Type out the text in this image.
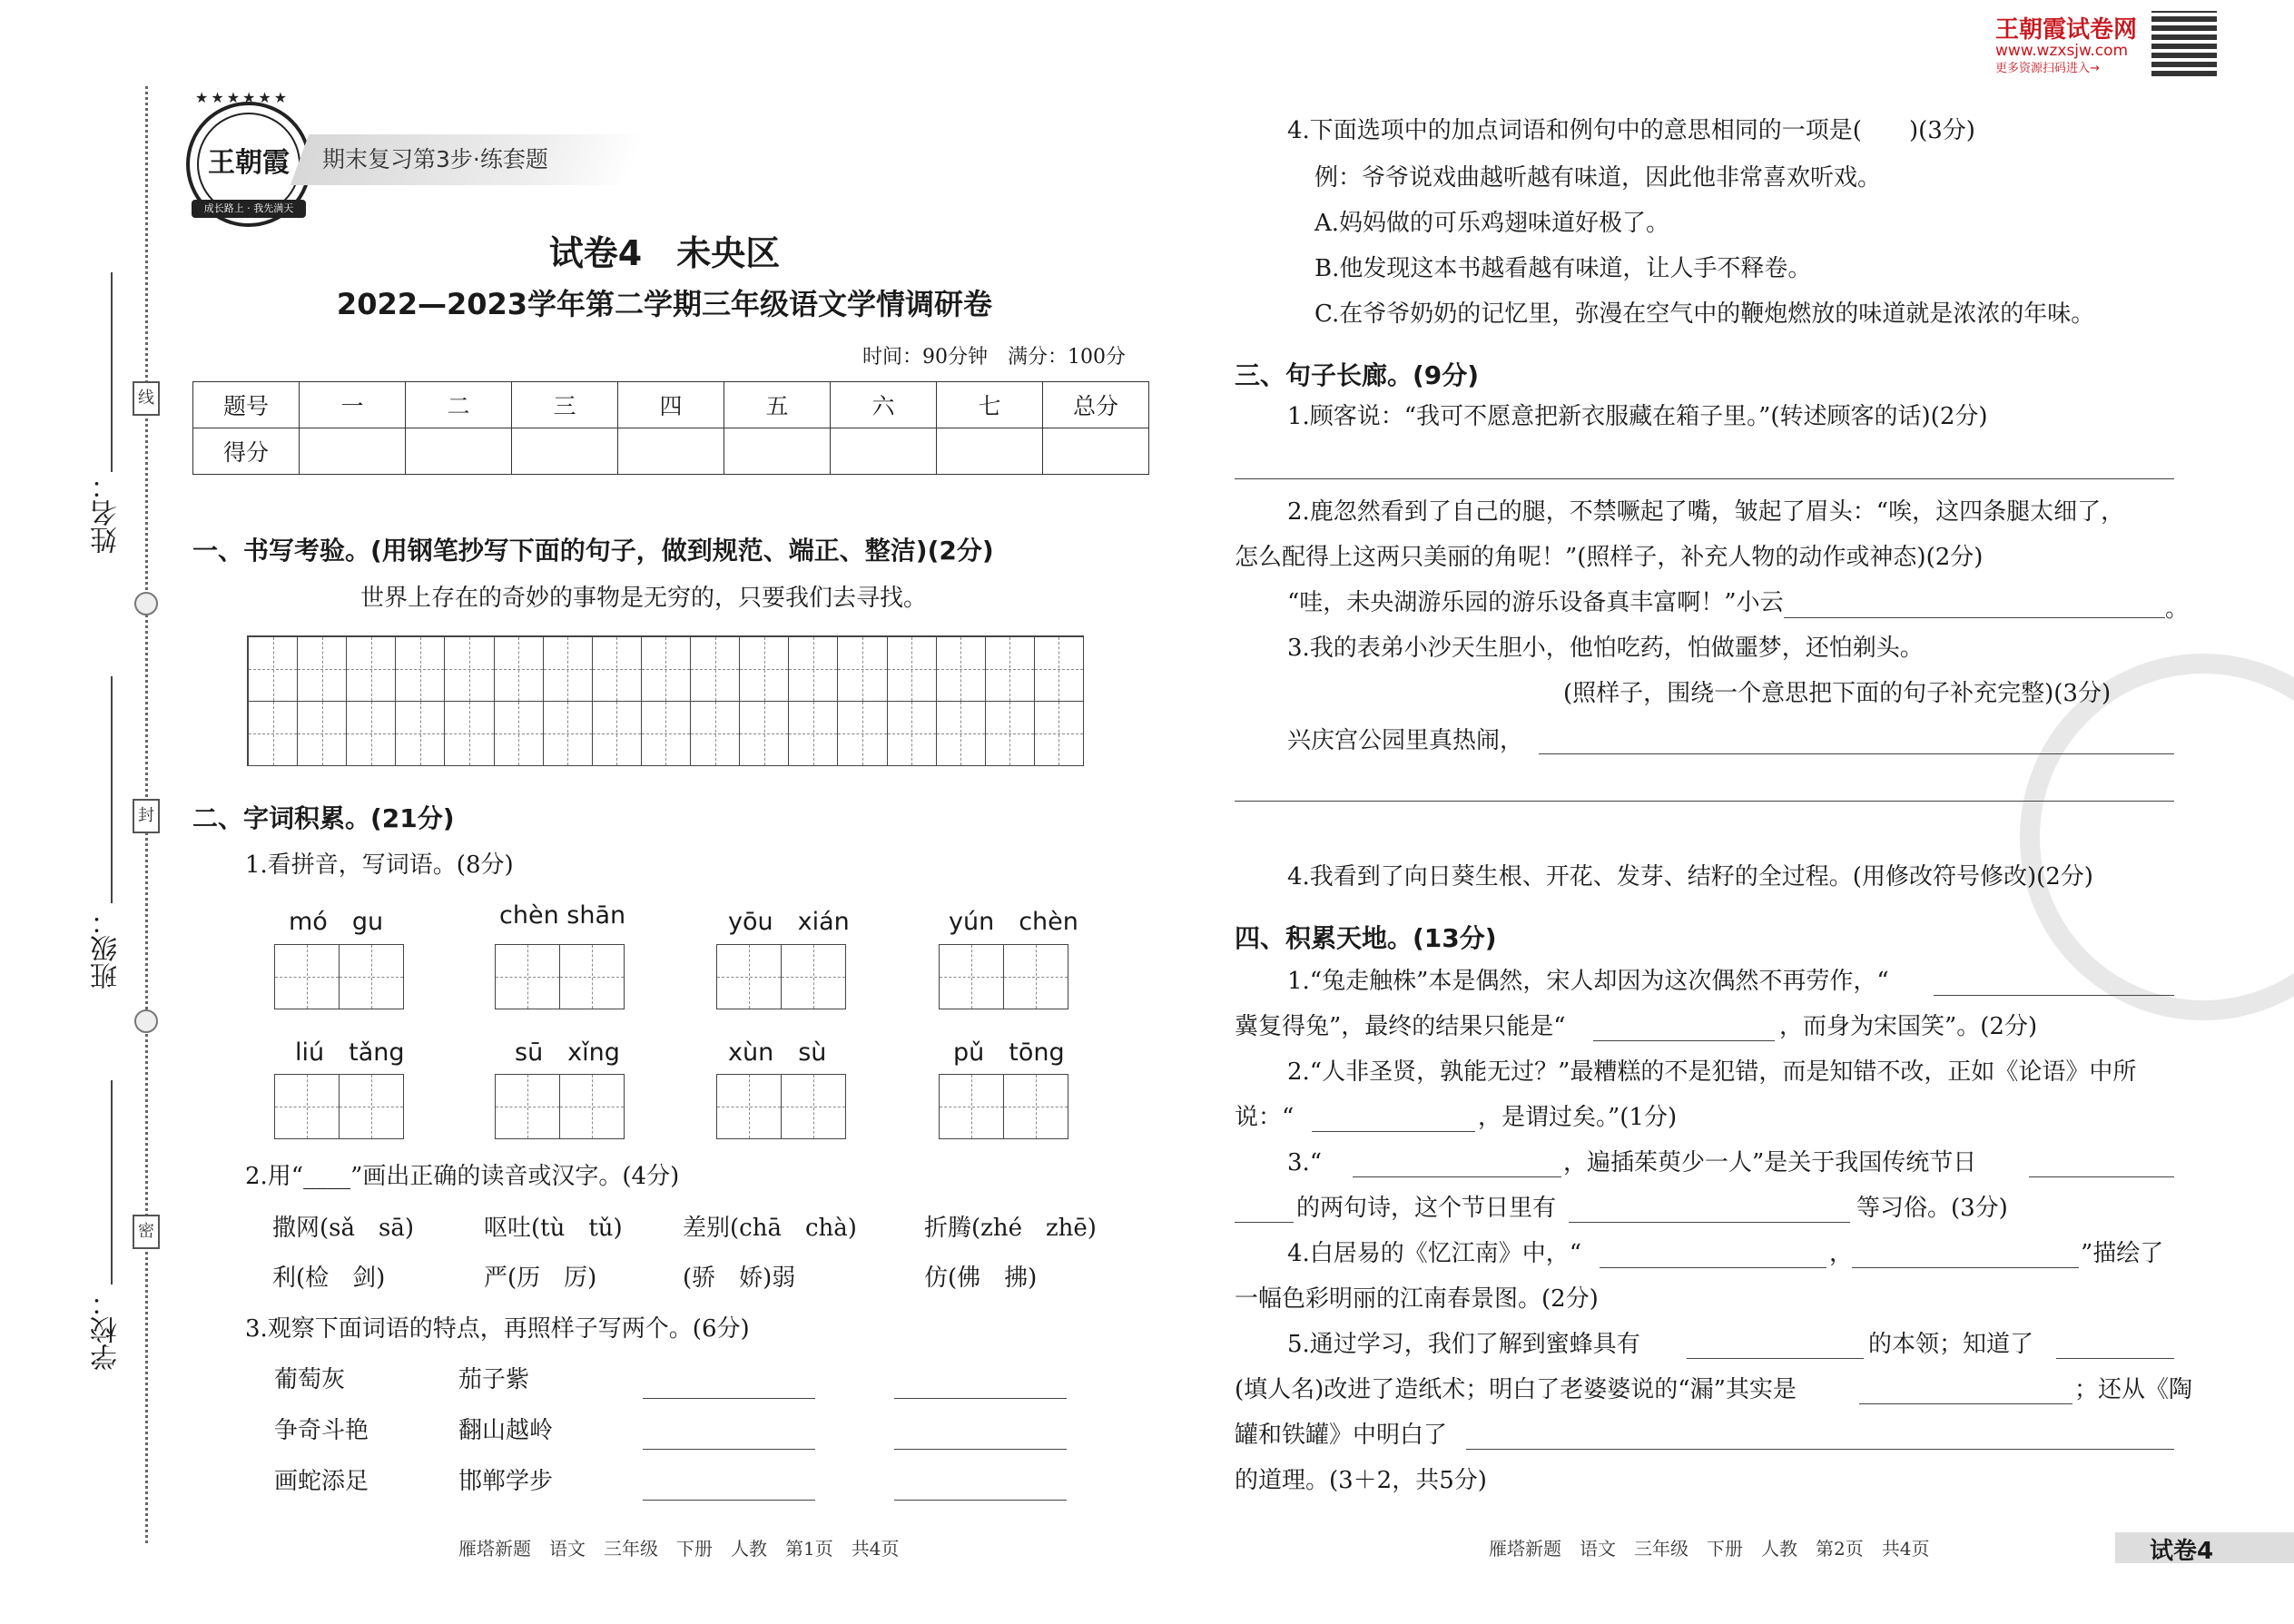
姓名：
班级：
学校：
线
封
密
王朝霞
成长路上 · 我先满天
★★★★★★
期末复习第3步·练套题
王朝霞试卷网
www.wzxsjw.com
更多资源扫码进入→
试卷4　未央区
2022—2023学年第二学期三年级语文学情调研卷
时间：90分钟　满分：100分
题号	一	二	三	四	五	六	七	总分
得分								
一、书写考验。(用钢笔抄写下面的句子，做到规范、端正、整洁)(2分)
世界上存在的奇妙的事物是无穷的，只要我们去寻找。
二、字词积累。(21分)
1.看拼音，写词语。(8分)
mó　gu	chèn shān	yōu　xián	yún　chèn
liú　tǎng	sū　xǐng	xùn　sù	pǔ　tōng
2.用“____”画出正确的读音或汉字。(4分)
撒网(sǎ　sā)	呕吐(tù　tǔ)	差别(chā　chà)	折腾(zhé　zhē)
利(检　剑)	严(历　厉)	(骄　娇)弱	仿(佛　拂)
3.观察下面词语的特点，再照样子写两个。(6分)
葡萄灰	茄子紫
争奇斗艳	翻山越岭
画蛇添足	邯郸学步
雁塔新题　语文　三年级　下册　人教　第1页　共4页
4.下面选项中的加点词语和例句中的意思相同的一项是(　　)(3分)
例：爷爷说戏曲越听越有味道，因此他非常喜欢听戏。
A.妈妈做的可乐鸡翅味道好极了。
B.他发现这本书越看越有味道，让人手不释卷。
C.在爷爷奶奶的记忆里，弥漫在空气中的鞭炮燃放的味道就是浓浓的年味。
三、句子长廊。(9分)
1.顾客说：“我可不愿意把新衣服藏在箱子里。”(转述顾客的话)(2分)
2.鹿忽然看到了自己的腿，不禁噘起了嘴，皱起了眉头：“唉，这四条腿太细了，
怎么配得上这两只美丽的角呢！”(照样子，补充人物的动作或神态)(2分)
“哇，未央湖游乐园的游乐设备真丰富啊！”小云	。
3.我的表弟小沙天生胆小，他怕吃药，怕做噩梦，还怕剃头。
(照样子，围绕一个意思把下面的句子补充完整)(3分)
兴庆宫公园里真热闹，
4.我看到了向日葵生根、开花、发芽、结籽的全过程。(用修改符号修改)(2分)
四、积累天地。(13分)
1.“兔走触株”本是偶然，宋人却因为这次偶然不再劳作，“
冀复得兔”，最终的结果只能是“	，而身为宋国笑”。(2分)
2.“人非圣贤，孰能无过？”最糟糕的不是犯错，而是知错不改，正如《论语》中所
说：“	，是谓过矣。”(1分)
3.“	，遍插茱萸少一人”是关于我国传统节日
的两句诗，这个节日里有	等习俗。(3分)
4.白居易的《忆江南》中，“	，	”描绘了
一幅色彩明丽的江南春景图。(2分)
5.通过学习，我们了解到蜜蜂具有	的本领；知道了
(填人名)改进了造纸术；明白了老婆婆说的“漏”其实是	；还从《陶
罐和铁罐》中明白了
的道理。(3＋2，共5分)
雁塔新题　语文　三年级　下册　人教　第2页　共4页	试卷4
